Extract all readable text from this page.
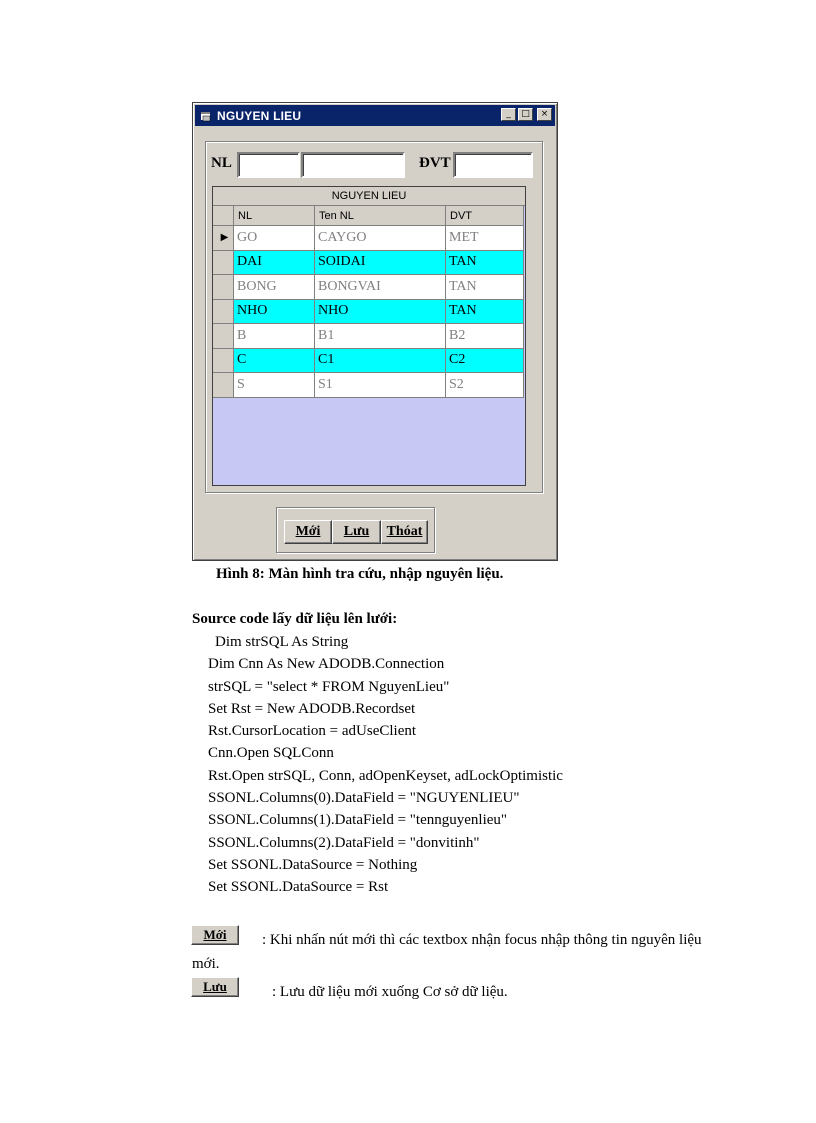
NGUYEN LIEU	_ □ ×
NL	ĐVT
NGUYEN LIEU
NL	Ten NL	DVT
▶ GO	CAYGO	MET
DAI	SOIDAI	TAN
BONG	BONGVAI	TAN
NHO	NHO	TAN
B	B1	B2
C	C1	C2
S	S1	S2
Mới	Lưu	Thóat
Hình 8: Màn hình tra cứu, nhập nguyên liệu.
Source code lấy dữ liệu lên lưới:
Dim strSQL As String
Dim Cnn As New ADODB.Connection
strSQL = "select * FROM NguyenLieu"
Set Rst = New ADODB.Recordset
Rst.CursorLocation = adUseClient
Cnn.Open SQLConn
Rst.Open strSQL, Conn, adOpenKeyset, adLockOptimistic
SSONL.Columns(0).DataField = "NGUYENLIEU"
SSONL.Columns(1).DataField = "tennguyenlieu"
SSONL.Columns(2).DataField = "donvitinh"
Set SSONL.DataSource = Nothing
Set SSONL.DataSource = Rst
Mới	: Khi nhấn nút mới thì các textbox nhận focus nhập thông tin nguyên liệu
mới.
Lưu	: Lưu dữ liệu mới xuống Cơ sở dữ liệu.
